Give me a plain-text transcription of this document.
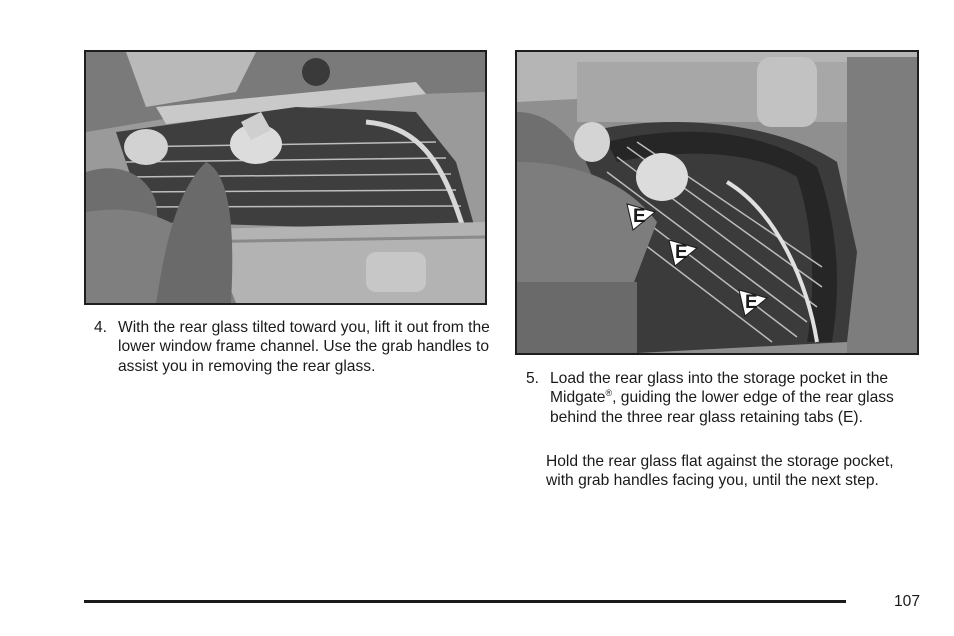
E
E
E
4. With the rear glass tilted toward you, lift it out from the lower window frame channel. Use the grab handles to assist you in removing the rear glass.
5. Load the rear glass into the storage pocket in the Midgate®, guiding the lower edge of the rear glass behind the three rear glass retaining tabs (E).
Hold the rear glass flat against the storage pocket, with grab handles facing you, until the next step.
107
